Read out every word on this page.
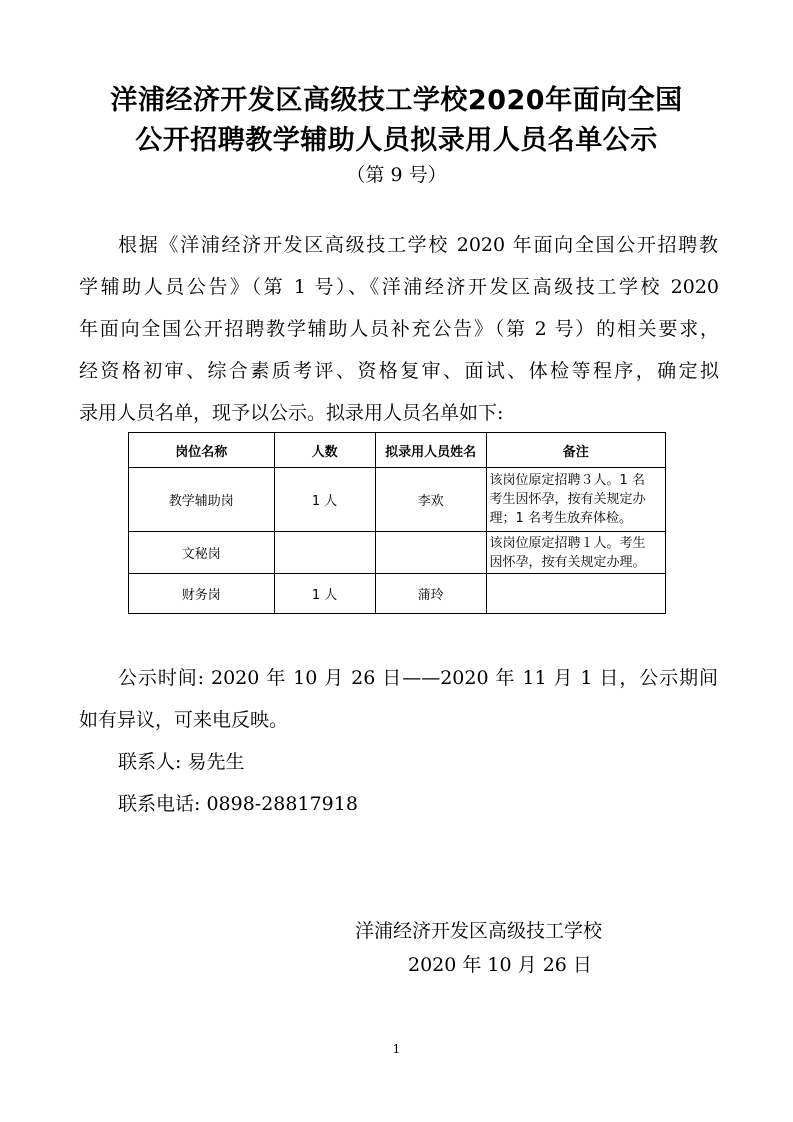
洋浦经济开发区高级技工学校2020年面向全国
公开招聘教学辅助人员拟录用人员名单公示
（第 9 号）
根据《洋浦经济开发区高级技工学校 2020 年面向全国公开招聘教
学辅助人员公告》（第 1 号）、《洋浦经济开发区高级技工学校 2020
年面向全国公开招聘教学辅助人员补充公告》（第 2 号）的相关要求，
经资格初审、综合素质考评、资格复审、面试、体检等程序，确定拟
录用人员名单，现予以公示。拟录用人员名单如下:
岗位名称	人数	拟录用人员姓名	备注
教学辅助岗	1 人	李欢	该岗位原定招聘３人。1 名
考生因怀孕，按有关规定办
理；1 名考生放弃体检。

文秘岗			该岗位原定招聘１人。考生
因怀孕，按有关规定办理。

财务岗	1 人	蒲玲	
公示时间: 2020 年 10 月 26 日——2020 年 11 月 1 日，公示期间
如有异议，可来电反映。
联系人: 易先生
联系电话: 0898-28817918
洋浦经济开发区高级技工学校
2020 年 10 月 26 日
1
